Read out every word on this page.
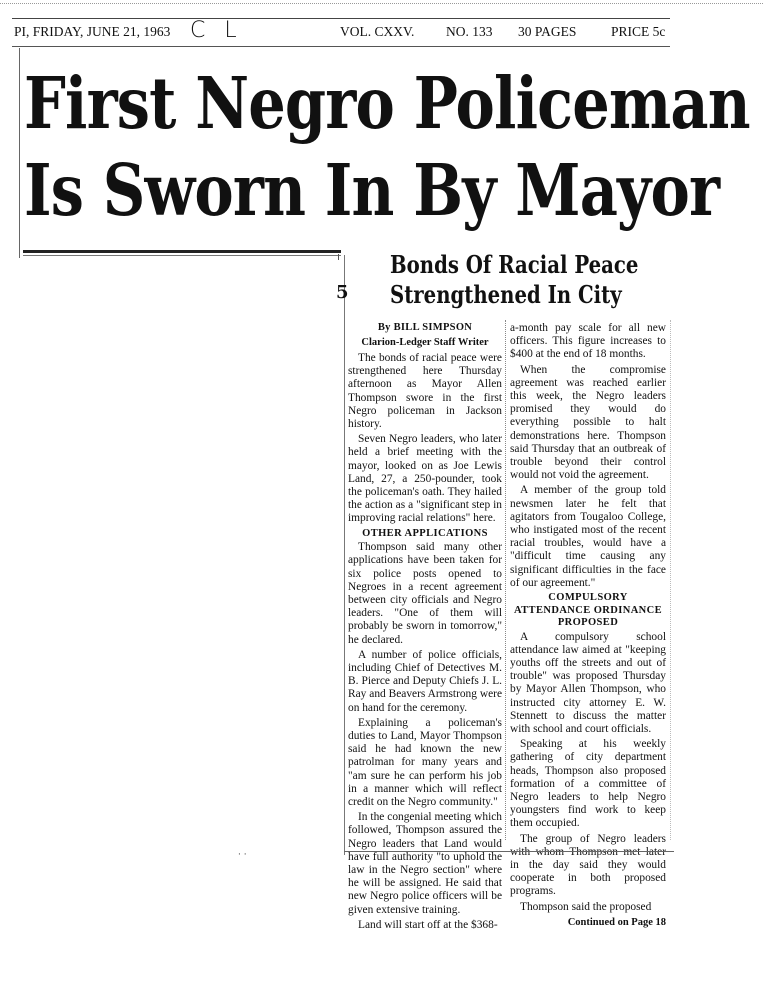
PI, FRIDAY, JUNE 21, 1963 C L	VOL. CXXV. NO. 133 30 PAGES	PRICE 5c
First Negro Policeman
Is Sworn In By Mayor
5
Bonds Of Racial Peace
Strengthened In City
By BILL SIMPSON
Clarion-Ledger Staff Writer

The bonds of racial peace were strengthened here Thursday afternoon as Mayor Allen Thompson swore in the first Negro policeman in Jackson history.

Seven Negro leaders, who later held a brief meeting with the mayor, looked on as Joe Lewis Land, 27, a 250-pounder, took the policeman's oath. They hailed the action as a "significant step in improving racial relations" here.

OTHER APPLICATIONS

Thompson said many other applications have been taken for six police posts opened to Negroes in a recent agreement between city officials and Negro leaders. "One of them will probably be sworn in tomorrow," he declared.

A number of police officials, including Chief of Detectives M. B. Pierce and Deputy Chiefs J. L. Ray and Beavers Armstrong were on hand for the ceremony.

Explaining a policeman's duties to Land, Mayor Thompson said he had known the new patrolman for many years and "am sure he can perform his job in a manner which will reflect credit on the Negro community."

In the congenial meeting which followed, Thompson assured the Negro leaders that Land would have full authority "to uphold the law in the Negro section" where he will be assigned. He said that new Negro police officers will be given extensive training.

Land will start off at the $368-

a-month pay scale for all new officers. This figure increases to $400 at the end of 18 months.

When the compromise agreement was reached earlier this week, the Negro leaders promised they would do everything possible to halt demonstrations here. Thompson said Thursday that an outbreak of trouble beyond their control would not void the agreement.

A member of the group told newsmen later he felt that agitators from Tougaloo College, who instigated most of the recent racial troubles, would have a "difficult time causing any significant difficulties in the face of our agreement."

COMPULSORY ATTENDANCE ORDINANCE PROPOSED

A compulsory school attendance law aimed at "keeping youths off the streets and out of trouble" was proposed Thursday by Mayor Allen Thompson, who instructed city attorney E. W. Stennett to discuss the matter with school and court officials.

Speaking at his weekly gathering of city department heads, Thompson also proposed formation of a committee of Negro leaders to help Negro youngsters find work to keep them occupied.

The group of Negro leaders with whom Thompson met later in the day said they would cooperate in both proposed programs.

Thompson said the proposed

Continued on Page 18
· ·
